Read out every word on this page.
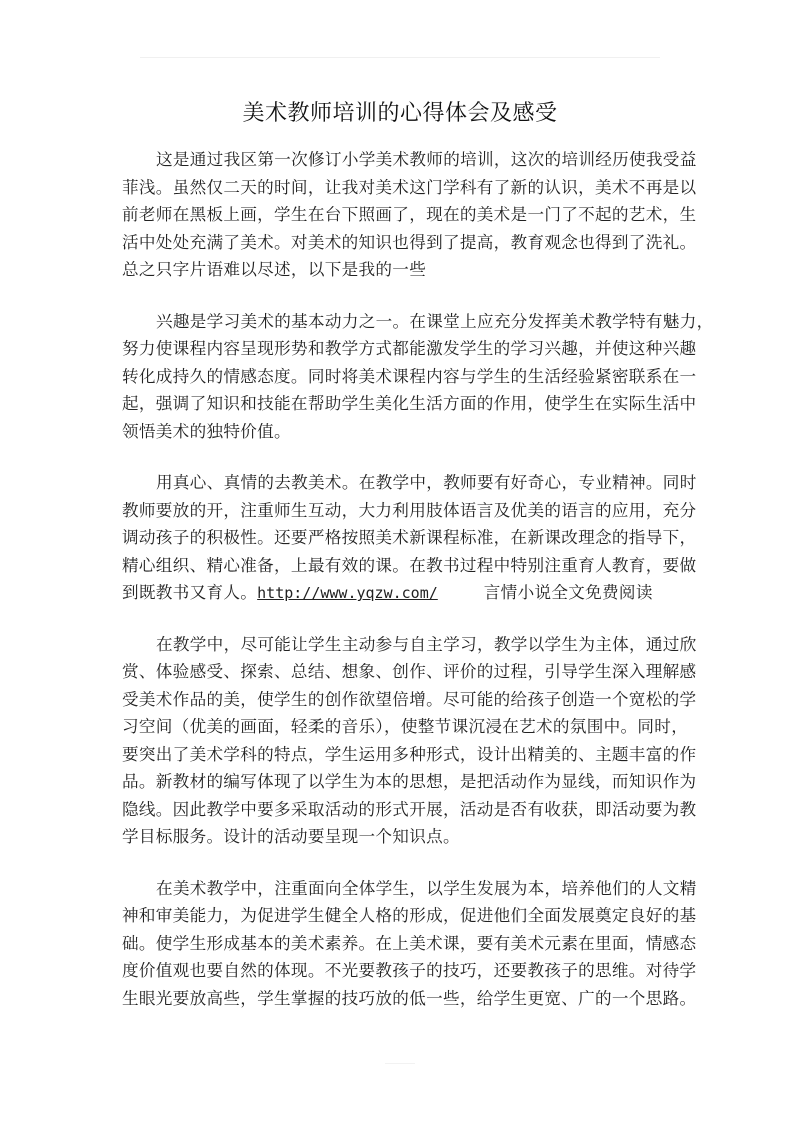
美术教师培训的心得体会及感受
这是通过我区第一次修订小学美术教师的培训，这次的培训经历使我受益
菲浅。虽然仅二天的时间，让我对美术这门学科有了新的认识，美术不再是以
前老师在黑板上画，学生在台下照画了，现在的美术是一门了不起的艺术，生
活中处处充满了美术。对美术的知识也得到了提高，教育观念也得到了洗礼。
总之只字片语难以尽述，以下是我的一些
兴趣是学习美术的基本动力之一。在课堂上应充分发挥美术教学特有魅力，
努力使课程内容呈现形势和教学方式都能激发学生的学习兴趣，并使这种兴趣
转化成持久的情感态度。同时将美术课程内容与学生的生活经验紧密联系在一
起，强调了知识和技能在帮助学生美化生活方面的作用，使学生在实际生活中
领悟美术的独特价值。
用真心、真情的去教美术。在教学中，教师要有好奇心，专业精神。同时
教师要放的开，注重师生互动，大力利用肢体语言及优美的语言的应用，充分
调动孩子的积极性。还要严格按照美术新课程标准，在新课改理念的指导下，
精心组织、精心准备，上最有效的课。在教书过程中特别注重育人教育，要做
到既教书又育人。http://www.yqzw.com/	言情小说全文免费阅读
在教学中，尽可能让学生主动参与自主学习，教学以学生为主体，通过欣
赏、体验感受、探索、总结、想象、创作、评价的过程，引导学生深入理解感
受美术作品的美，使学生的创作欲望倍增。尽可能的给孩子创造一个宽松的学
习空间（优美的画面，轻柔的音乐），使整节课沉浸在艺术的氛围中。同时，
要突出了美术学科的特点，学生运用多种形式，设计出精美的、主题丰富的作
品。新教材的编写体现了以学生为本的思想，是把活动作为显线，而知识作为
隐线。因此教学中要多采取活动的形式开展，活动是否有收获，即活动要为教
学目标服务。设计的活动要呈现一个知识点。
在美术教学中，注重面向全体学生，以学生发展为本，培养他们的人文精
神和审美能力，为促进学生健全人格的形成，促进他们全面发展奠定良好的基
础。使学生形成基本的美术素养。在上美术课，要有美术元素在里面，情感态
度价值观也要自然的体现。不光要教孩子的技巧，还要教孩子的思维。对待学
生眼光要放高些，学生掌握的技巧放的低一些，给学生更宽、广的一个思路。
